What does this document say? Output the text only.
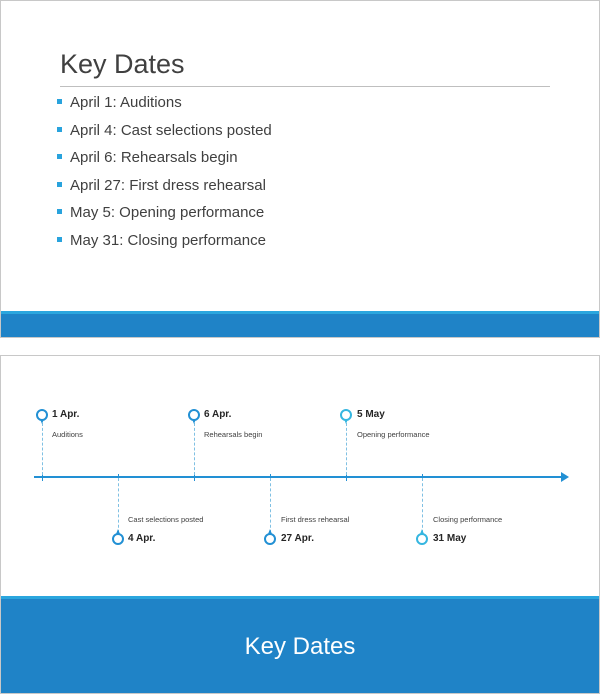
Key Dates
April 1: Auditions
April 4: Cast selections posted
April 6: Rehearsals begin
April 27: First dress rehearsal
May 5: Opening performance
May 31: Closing performance
1 Apr.
Auditions
Cast selections posted
4 Apr.
6 Apr.
Rehearsals begin
First dress rehearsal
27 Apr.
5 May
Opening performance
Closing performance
31 May
Key Dates
